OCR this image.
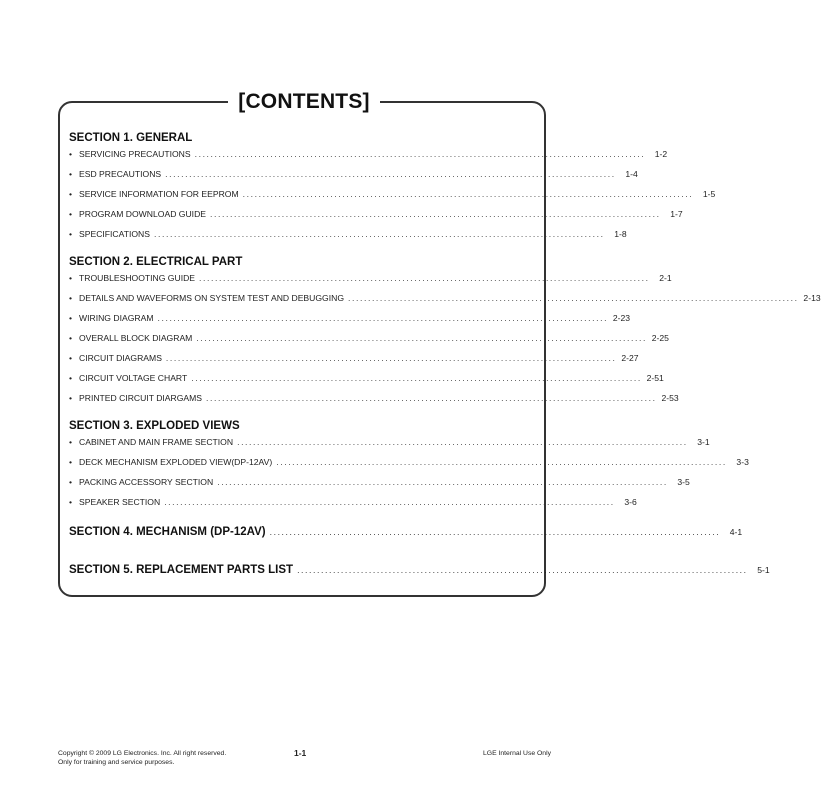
[CONTENTS]
SECTION 1. GENERAL
• SERVICING PRECAUTIONS .................................................................................................................	1-2
• ESD PRECAUTIONS .................................................................................................................	1-4
• SERVICE INFORMATION FOR EEPROM .................................................................................................................	1-5
• PROGRAM DOWNLOAD GUIDE .................................................................................................................	1-7
• SPECIFICATIONS .................................................................................................................	1-8
SECTION 2. ELECTRICAL PART
• TROUBLESHOOTING GUIDE .................................................................................................................	2-1
• DETAILS AND WAVEFORMS ON SYSTEM TEST AND DEBUGGING ................................................................................................................. 2-13
• WIRING DIAGRAM ................................................................................................................. 2-23
• OVERALL BLOCK DIAGRAM ................................................................................................................. 2-25
• CIRCUIT DIAGRAMS ................................................................................................................. 2-27
• CIRCUIT VOLTAGE CHART ................................................................................................................. 2-51
• PRINTED CIRCUIT DIARGAMS ................................................................................................................. 2-53
SECTION 3. EXPLODED VIEWS
• CABINET AND MAIN FRAME SECTION .................................................................................................................	3-1
• DECK MECHANISM EXPLODED VIEW(DP-12AV) .................................................................................................................	3-3
• PACKING ACCESSORY SECTION .................................................................................................................	3-5
• SPEAKER SECTION .................................................................................................................	3-6
SECTION 4. MECHANISM (DP-12AV) .................................................................................................................	4-1
SECTION 5. REPLACEMENT PARTS LIST .................................................................................................................	5-1
Copyright © 2009 LG Electronics. Inc. All right reserved.
Only for training and service purposes.
1-1	LGE Internal Use Only
